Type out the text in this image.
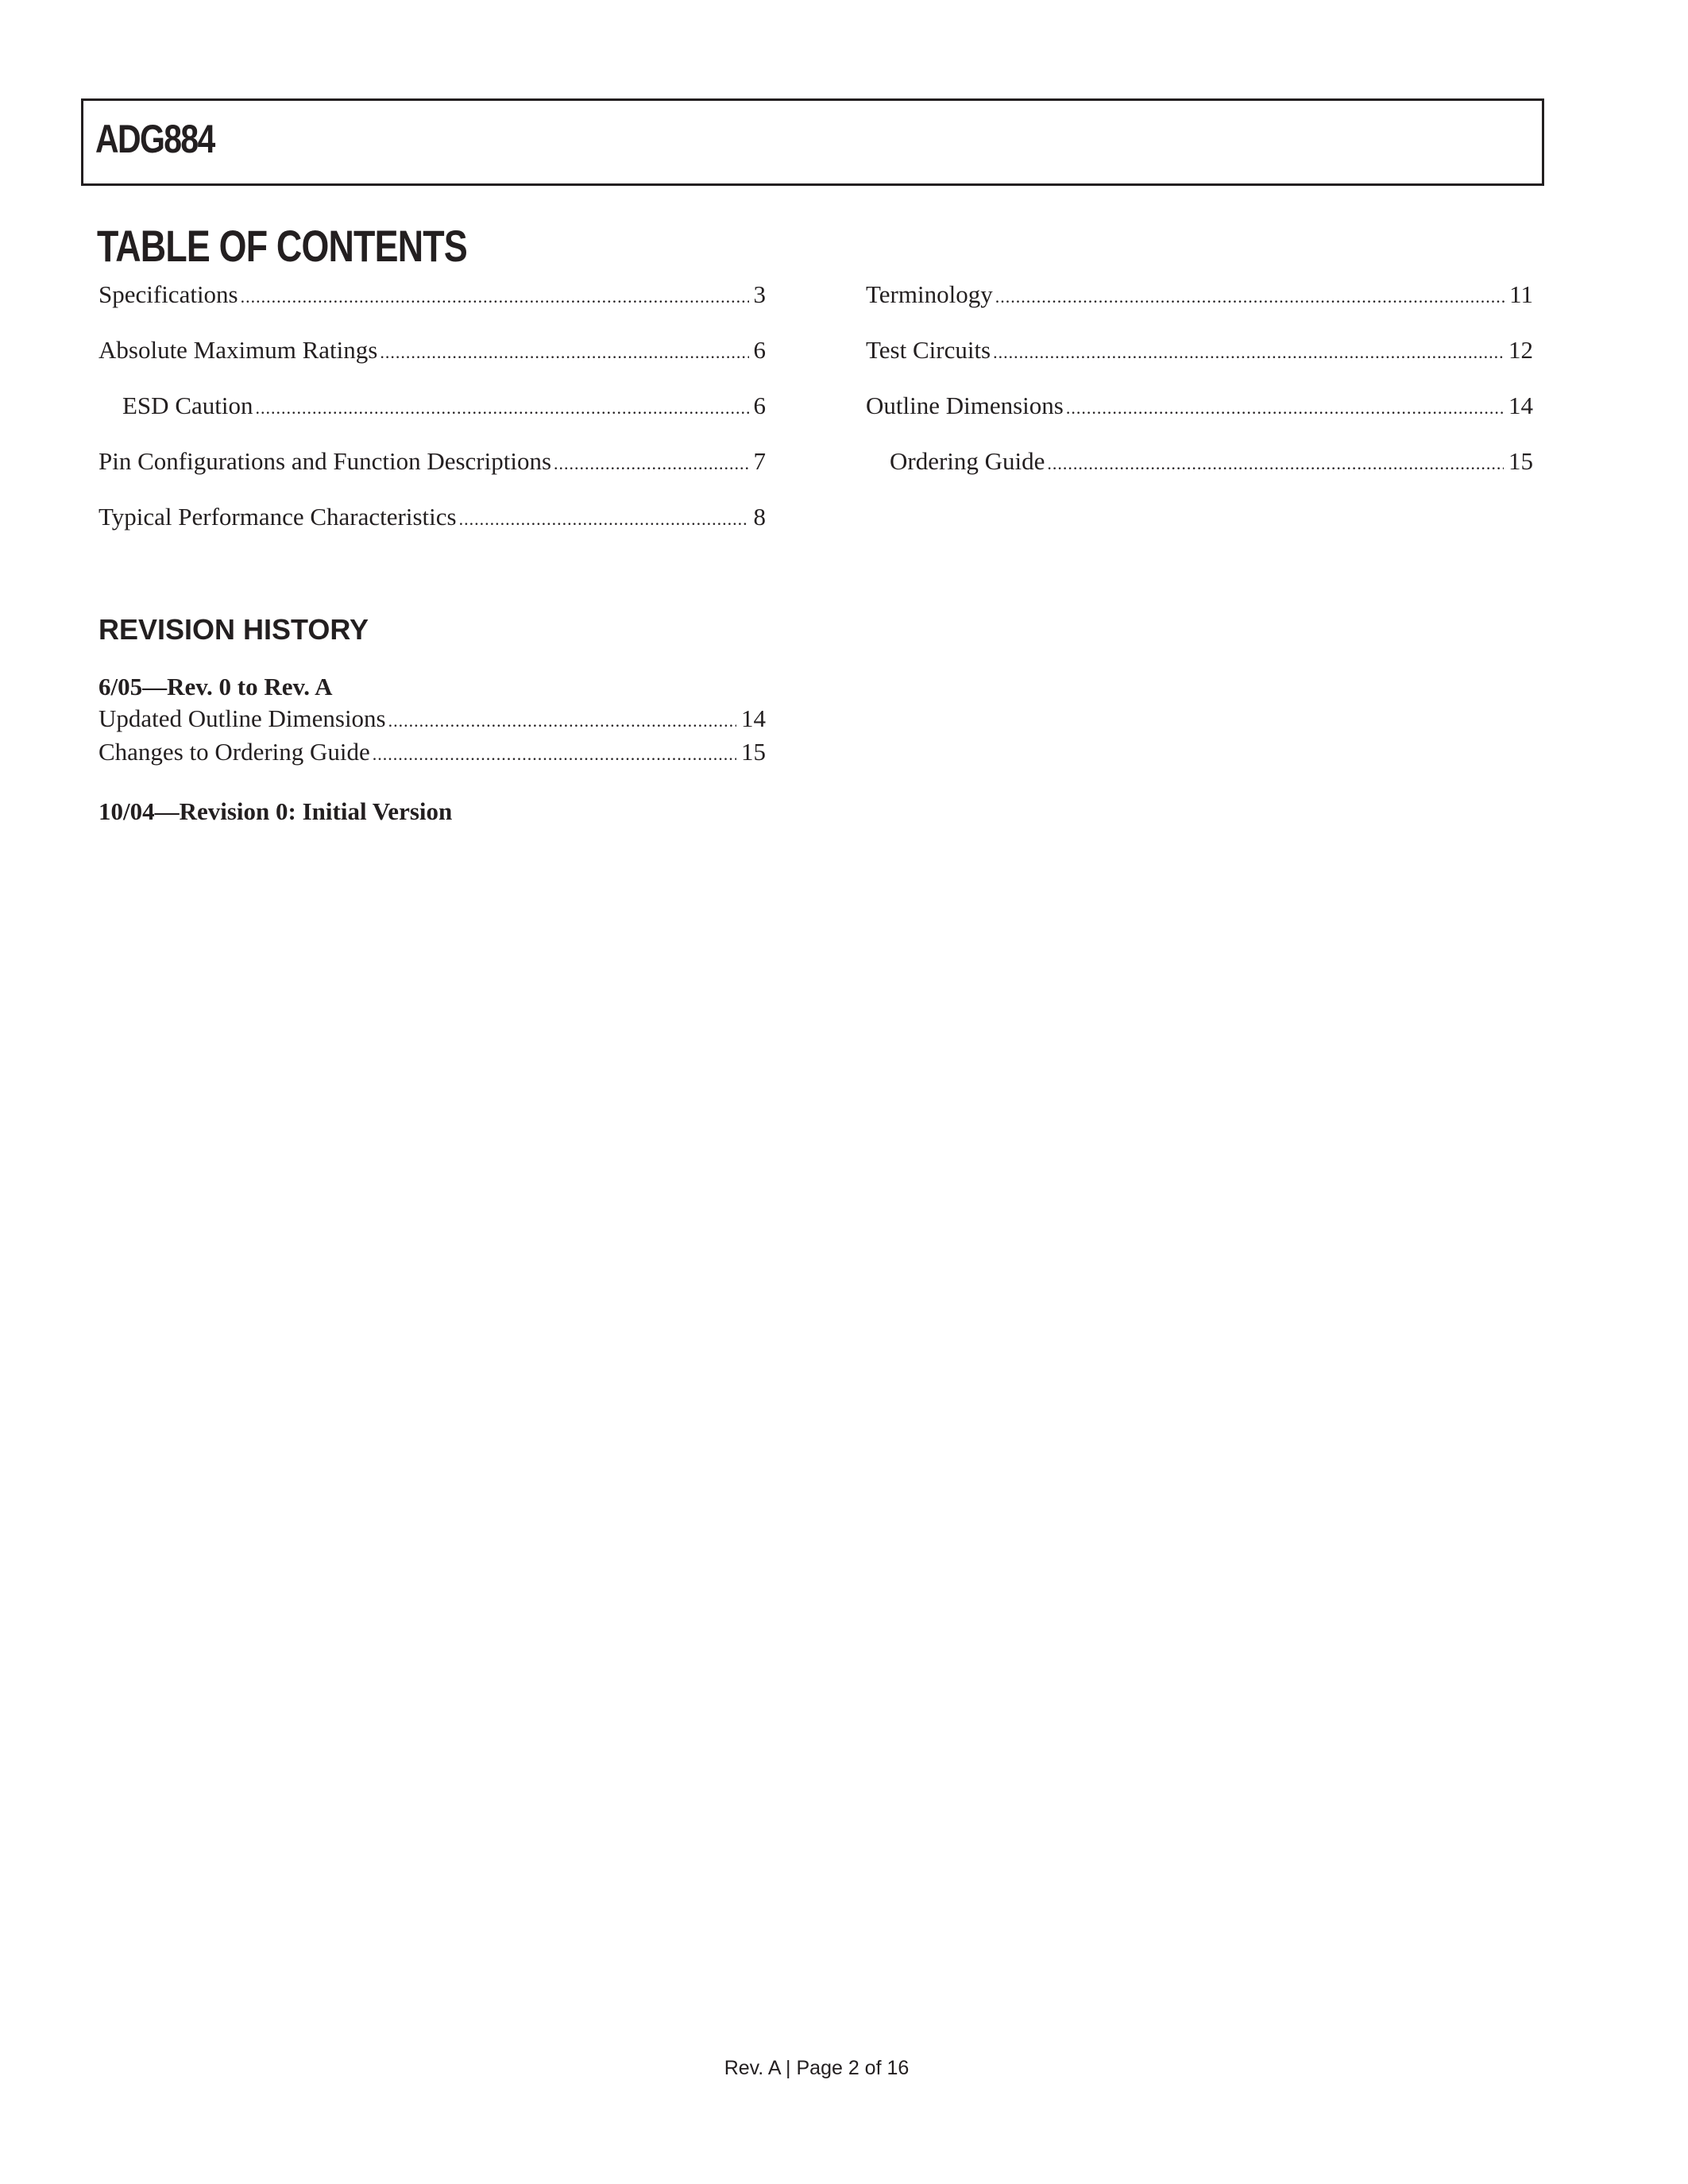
ADG884
TABLE OF CONTENTS
Specifications .....	3
Absolute Maximum Ratings .....	6
ESD Caution .....	6
Pin Configurations and Function Descriptions .....	7
Typical Performance Characteristics .....	8
Terminology .....	11
Test Circuits .....	12
Outline Dimensions .....	14
Ordering Guide .....	15
REVISION HISTORY
6/05—Rev. 0 to Rev. A
Updated Outline Dimensions .....	14
Changes to Ordering Guide .....	15
10/04—Revision 0: Initial Version
Rev. A | Page 2 of 16
